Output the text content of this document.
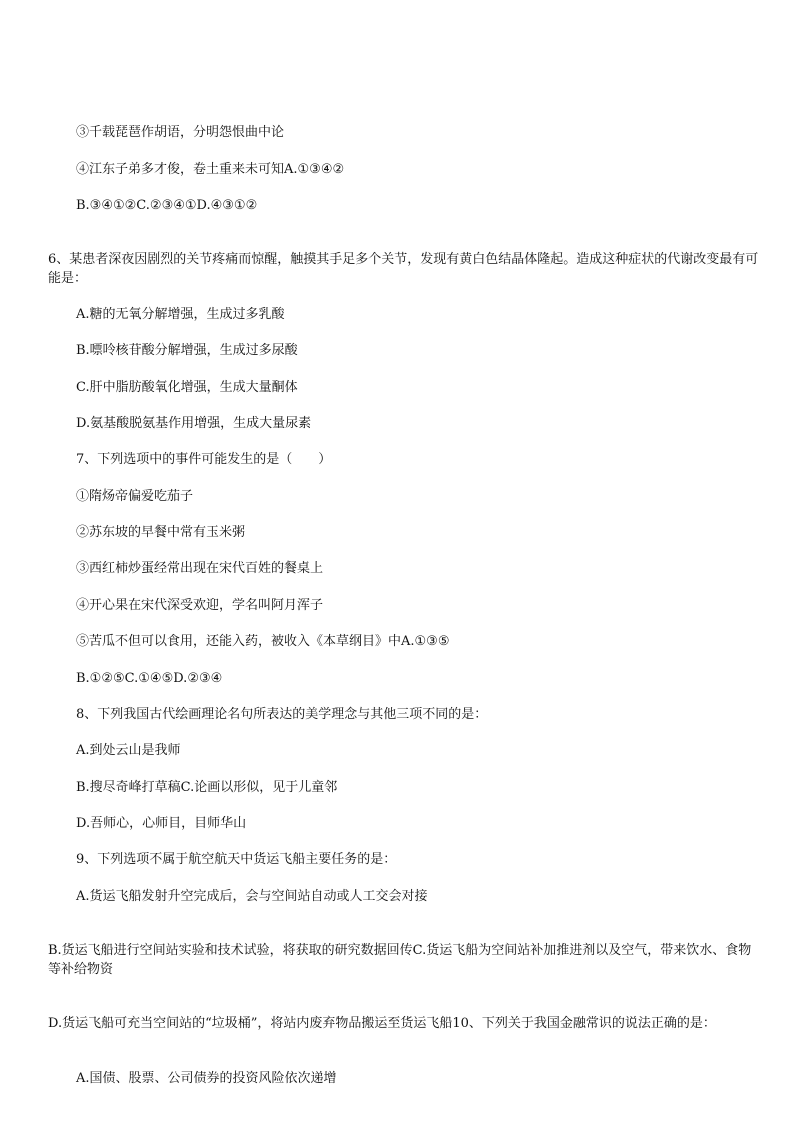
③千载琵琶作胡语，分明怨恨曲中论
④江东子弟多才俊，卷土重来未可知A.①③④②
B.③④①②C.②③④①D.④③①②
6、某患者深夜因剧烈的关节疼痛而惊醒，触摸其手足多个关节，发现有黄白色结晶体隆起。造成这种症状的代谢改变最有可能是：
A.糖的无氧分解增强，生成过多乳酸
B.嘌呤核苷酸分解增强，生成过多尿酸
C.肝中脂肪酸氧化增强，生成大量酮体
D.氨基酸脱氨基作用增强，生成大量尿素
7、下列选项中的事件可能发生的是（　　）
①隋炀帝偏爱吃茄子
②苏东坡的早餐中常有玉米粥
③西红柿炒蛋经常出现在宋代百姓的餐桌上
④开心果在宋代深受欢迎，学名叫阿月浑子
⑤苦瓜不但可以食用，还能入药，被收入《本草纲目》中A.①③⑤
B.①②⑤C.①④⑤D.②③④
8、下列我国古代绘画理论名句所表达的美学理念与其他三项不同的是：
A.到处云山是我师
B.搜尽奇峰打草稿C.论画以形似，见于儿童邻
D.吾师心，心师目，目师华山
9、下列选项不属于航空航天中货运飞船主要任务的是：
A.货运飞船发射升空完成后，会与空间站自动或人工交会对接
B.货运飞船进行空间站实验和技术试验，将获取的研究数据回传C.货运飞船为空间站补加推进剂以及空气，带来饮水、食物等补给物资
D.货运飞船可充当空间站的“垃圾桶”，将站内废弃物品搬运至货运飞船10、下列关于我国金融常识的说法正确的是：
A.国债、股票、公司债券的投资风险依次递增
